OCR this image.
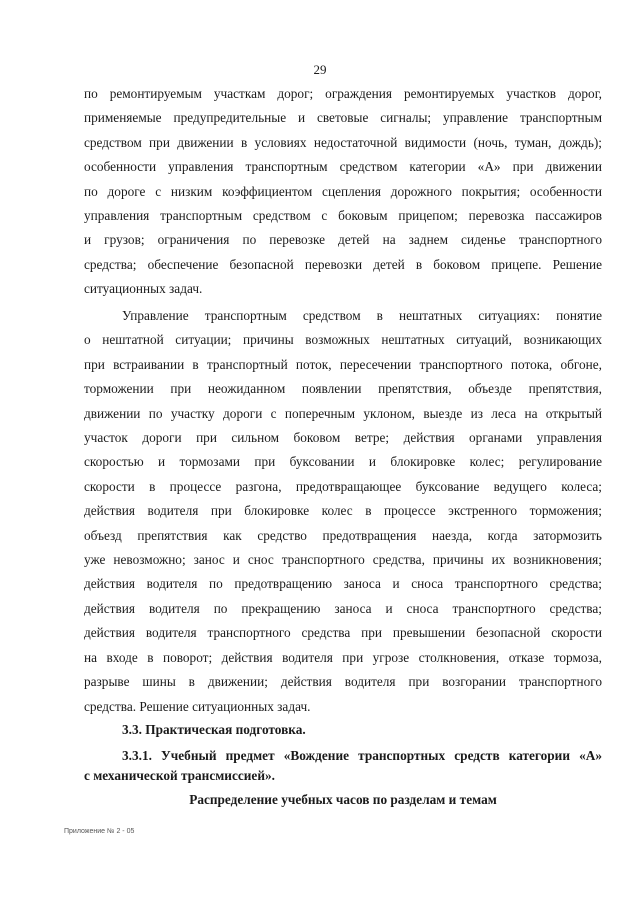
29
по ремонтируемым участкам дорог; ограждения ремонтируемых участков дорог,
применяемые предупредительные и световые сигналы; управление транспортным
средством при движении в условиях недостаточной видимости (ночь, туман, дождь);
особенности управления транспортным средством категории «А» при движении
по дороге с низким коэффициентом сцепления дорожного покрытия; особенности
управления транспортным средством с боковым прицепом; перевозка пассажиров
и грузов; ограничения по перевозке детей на заднем сиденье транспортного
средства; обеспечение безопасной перевозки детей в боковом прицепе. Решение
ситуационных задач.
Управление транспортным средством в нештатных ситуациях: понятие
о нештатной ситуации; причины возможных нештатных ситуаций, возникающих
при встраивании в транспортный поток, пересечении транспортного потока, обгоне,
торможении при неожиданном появлении препятствия, объезде препятствия,
движении по участку дороги с поперечным уклоном, выезде из леса на открытый
участок дороги при сильном боковом ветре; действия органами управления
скоростью и тормозами при буксовании и блокировке колес; регулирование
скорости в процессе разгона, предотвращающее буксование ведущего колеса;
действия водителя при блокировке колес в процессе экстренного торможения;
объезд препятствия как средство предотвращения наезда, когда затормозить
уже невозможно; занос и снос транспортного средства, причины их возникновения;
действия водителя по предотвращению заноса и сноса транспортного средства;
действия водителя по прекращению заноса и сноса транспортного средства;
действия водителя транспортного средства при превышении безопасной скорости
на входе в поворот; действия водителя при угрозе столкновения, отказе тормоза,
разрыве шины в движении; действия водителя при возгорании транспортного
средства. Решение ситуационных задач.
3.3. Практическая подготовка.
3.3.1. Учебный предмет «Вождение транспортных средств категории «А»
с механической трансмиссией».
Распределение учебных часов по разделам и темам
Приложение № 2 - 05
